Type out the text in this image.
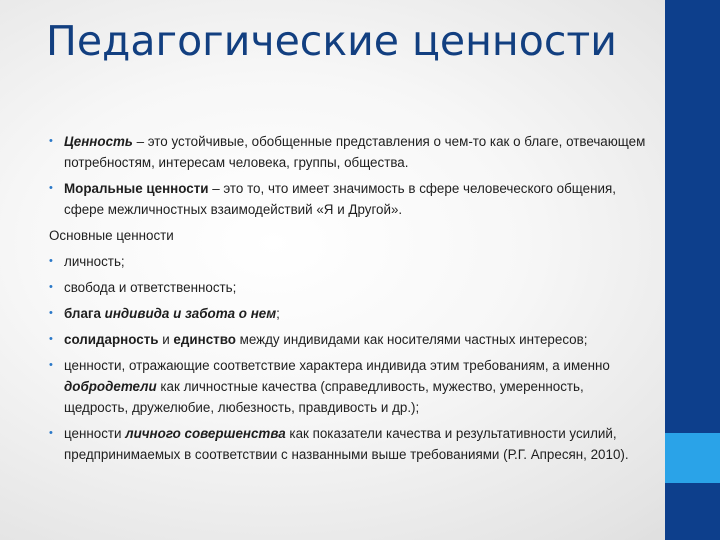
Педагогические ценности
• Ценность – это устойчивые, обобщенные представления о чем-то как о благе, отвечающем потребностям, интересам человека, группы, общества.
• Моральные ценности – это то, что имеет значимость в сфере человеческого общения, сфере межличностных взаимодействий «Я и Другой».
Основные ценности
• личность;
• свобода и ответственность;
• блага индивида и забота о нем;
• солидарность и единство между индивидами как носителями частных интересов;
• ценности, отражающие соответствие характера индивида этим требованиям, а именно добродетели как личностные качества (справедливость, мужество, умеренность, щедрость, дружелюбие, любезность, правдивость и др.);
• ценности личного совершенства как показатели качества и результативности усилий, предпринимаемых в соответствии с названными выше требованиями (Р.Г. Апресян, 2010).
